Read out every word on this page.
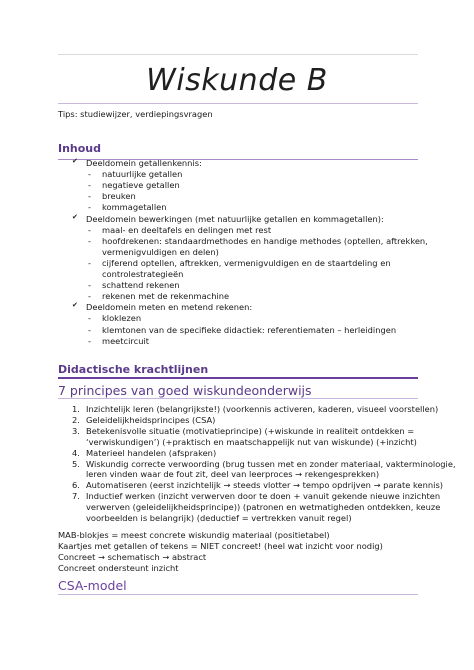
Wiskunde B
Tips: studiewijzer, verdiepingsvragen
Inhoud
✔︎ Deeldomein getallenkennis:
- natuurlijke getallen
- negatieve getallen
- breuken
- kommagetallen
✔︎ Deeldomein bewerkingen (met natuurlijke getallen en kommagetallen):
- maal- en deeltafels en delingen met rest
- hoofdrekenen: standaardmethodes en handige methodes (optellen, aftrekken,
vermenigvuldigen en delen)
- cijferend optellen, aftrekken, vermenigvuldigen en de staartdeling en
controlestrategieën
- schattend rekenen
- rekenen met de rekenmachine
✔︎ Deeldomein meten en metend rekenen:
- kloklezen
- klemtonen van de specifieke didactiek: referentiematen – herleidingen
- meetcircuit
Didactische krachtlijnen
7 principes van goed wiskundeonderwijs
1. Inzichtelijk leren (belangrijkste!) (voorkennis activeren, kaderen, visueel voorstellen)
2. Geleidelijkheidsprincipes (CSA)
3. Betekenisvolle situatie (motivatieprincipe) (+wiskunde in realiteit ontdekken =
‘verwiskundigen’) (+praktisch en maatschappelijk nut van wiskunde) (+inzicht)
4. Materieel handelen (afspraken)
5. Wiskundig correcte verwoording (brug tussen met en zonder materiaal, vakterminologie,
leren vinden waar de fout zit, deel van leerproces → rekengesprekken)
6. Automatiseren (eerst inzichtelijk → steeds vlotter → tempo opdrijven → parate kennis)
7. Inductief werken (inzicht verwerven door te doen + vanuit gekende nieuwe inzichten
verwerven (geleidelijkheidsprincipe)) (patronen en wetmatigheden ontdekken, keuze
voorbeelden is belangrijk) (deductief = vertrekken vanuit regel)
MAB-blokjes = meest concrete wiskundig materiaal (positietabel)
Kaartjes met getallen of tekens = NIET concreet! (heel wat inzicht voor nodig)
Concreet → schematisch → abstract
Concreet ondersteunt inzicht
CSA-model
